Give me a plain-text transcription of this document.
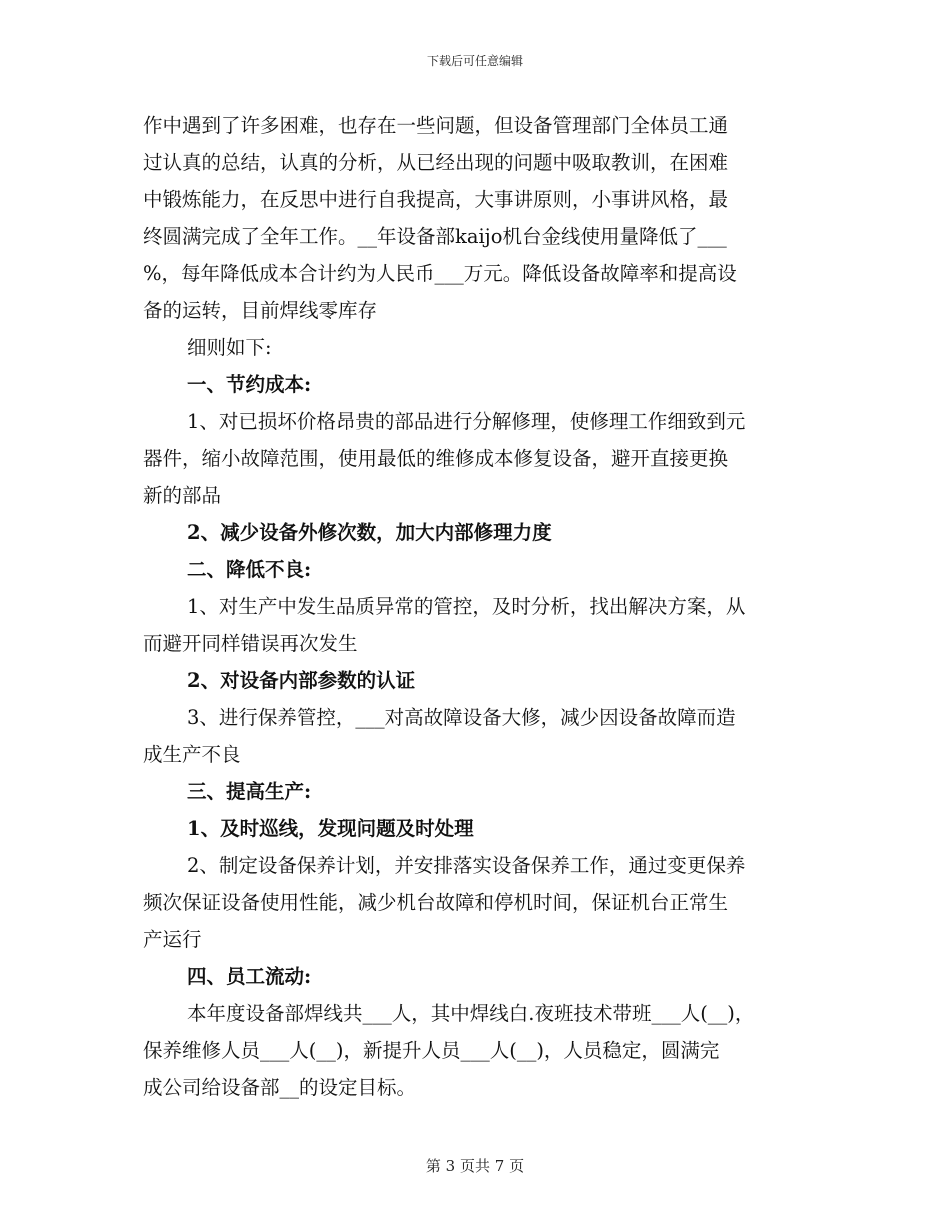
下载后可任意编辑
作中遇到了许多困难，也存在一些问题，但设备管理部门全体员工通
过认真的总结，认真的分析，从已经出现的问题中吸取教训，在困难
中锻炼能力，在反思中进行自我提高，大事讲原则，小事讲风格，最
终圆满完成了全年工作。__年设备部kaijo机台金线使用量降低了___
%，每年降低成本合计约为人民币___万元。降低设备故障率和提高设
备的运转，目前焊线零库存
细则如下:
一、节约成本:
1、对已损坏价格昂贵的部品进行分解修理，使修理工作细致到元
器件，缩小故障范围，使用最低的维修成本修复设备，避开直接更换
新的部品
2、减少设备外修次数，加大内部修理力度
二、降低不良:
1、对生产中发生品质异常的管控，及时分析，找出解决方案，从
而避开同样错误再次发生
2、对设备内部参数的认证
3、进行保养管控，___对高故障设备大修，减少因设备故障而造
成生产不良
三、提高生产:
1、及时巡线，发现问题及时处理
2、制定设备保养计划，并安排落实设备保养工作，通过变更保养
频次保证设备使用性能，减少机台故障和停机时间，保证机台正常生
产运行
四、员工流动:
本年度设备部焊线共___人，其中焊线白.夜班技术带班___人(__)，
保养维修人员___人(__)，新提升人员___人(__)，人员稳定，圆满完
成公司给设备部__的设定目标。
第 3 页共 7 页
